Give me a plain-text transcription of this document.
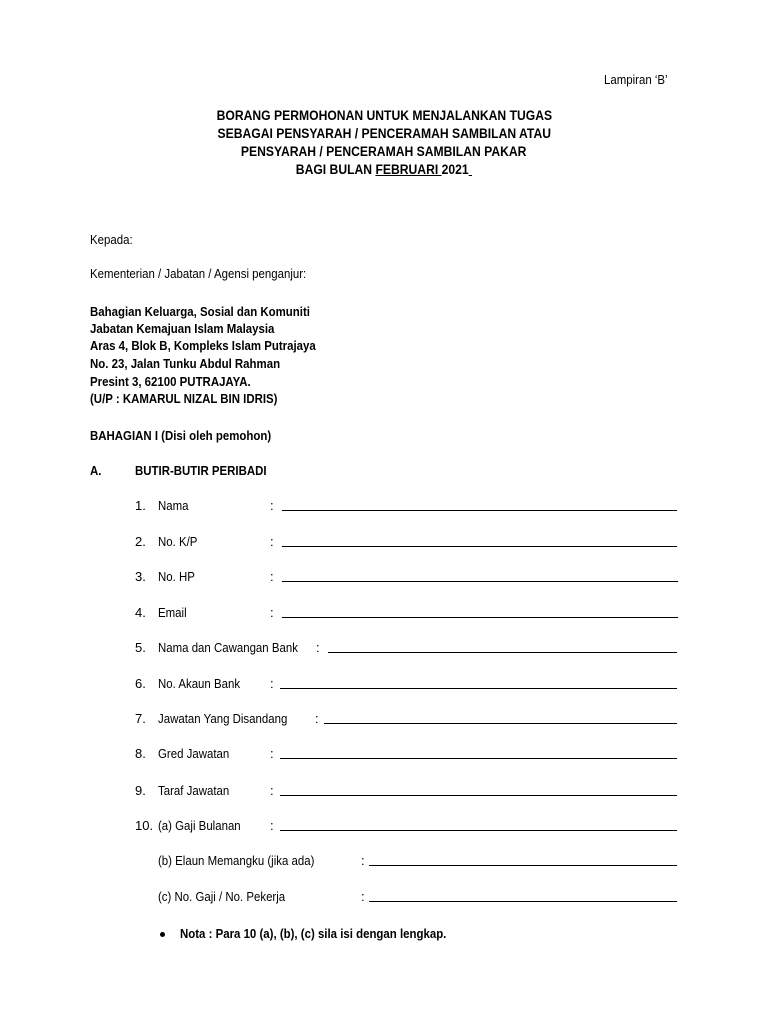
Lampiran ‘B’
BORANG PERMOHONAN UNTUK MENJALANKAN TUGAS
SEBAGAI PENSYARAH / PENCERAMAH SAMBILAN ATAU
PENSYARAH / PENCERAMAH SAMBILAN PAKAR
BAGI BULAN FEBRUARI 2021
Kepada:
Kementerian / Jabatan / Agensi penganjur:
Bahagian Keluarga, Sosial dan Komuniti
Jabatan Kemajuan Islam Malaysia
Aras 4, Blok B, Kompleks Islam Putrajaya
No. 23, Jalan Tunku Abdul Rahman
Presint 3, 62100 PUTRAJAYA.
(U/P : KAMARUL NIZAL BIN IDRIS)
BAHAGIAN I (Disi oleh pemohon)
A.	BUTIR-BUTIR PERIBADI
1. Nama	:
2. No. K/P	:
3. No. HP	:
4. Email	:
5. Nama dan Cawangan Bank	:
6. No. Akaun Bank	:
7. Jawatan Yang Disandang	:
8. Gred Jawatan	:
9. Taraf Jawatan	:
10. (a) Gaji Bulanan	:
(b) Elaun Memangku (jika ada)	:
(c) No. Gaji / No. Pekerja	:
Nota : Para 10 (a), (b), (c) sila isi dengan lengkap.
